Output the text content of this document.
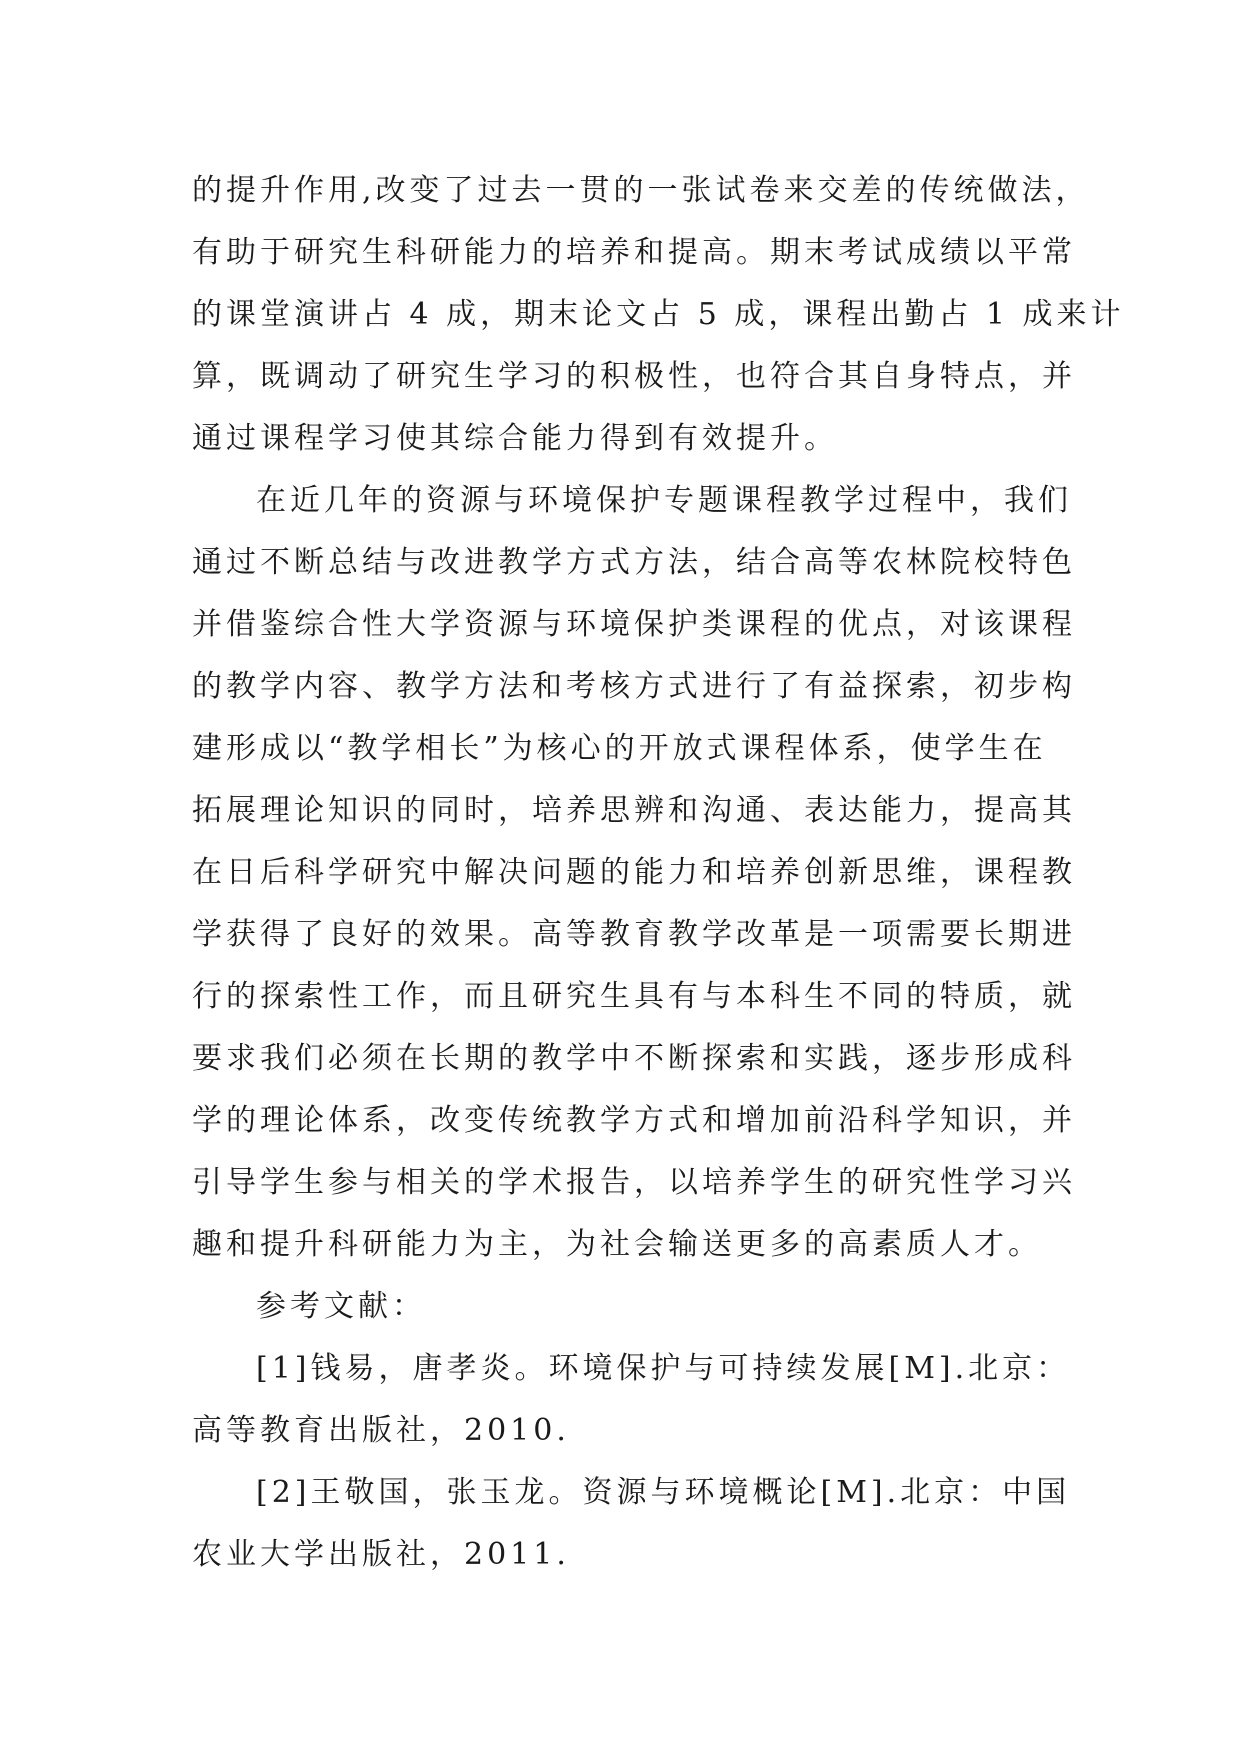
的提升作用,改变了过去一贯的一张试卷来交差的传统做法，
有助于研究生科研能力的培养和提高。期末考试成绩以平常
的课堂演讲占 4 成，期末论文占 5 成，课程出勤占 1 成来计
算，既调动了研究生学习的积极性，也符合其自身特点，并
通过课程学习使其综合能力得到有效提升。
在近几年的资源与环境保护专题课程教学过程中，我们
通过不断总结与改进教学方式方法，结合高等农林院校特色
并借鉴综合性大学资源与环境保护类课程的优点，对该课程
的教学内容、教学方法和考核方式进行了有益探索，初步构
建形成以“教学相长”为核心的开放式课程体系，使学生在
拓展理论知识的同时，培养思辨和沟通、表达能力，提高其
在日后科学研究中解决问题的能力和培养创新思维，课程教
学获得了良好的效果。高等教育教学改革是一项需要长期进
行的探索性工作，而且研究生具有与本科生不同的特质，就
要求我们必须在长期的教学中不断探索和实践，逐步形成科
学的理论体系，改变传统教学方式和增加前沿科学知识，并
引导学生参与相关的学术报告，以培养学生的研究性学习兴
趣和提升科研能力为主，为社会输送更多的高素质人才。
参考文献：
[1]钱易，唐孝炎。环境保护与可持续发展[M].北京：
高等教育出版社，2010.
[2]王敬国，张玉龙。资源与环境概论[M].北京：中国
农业大学出版社，2011.
